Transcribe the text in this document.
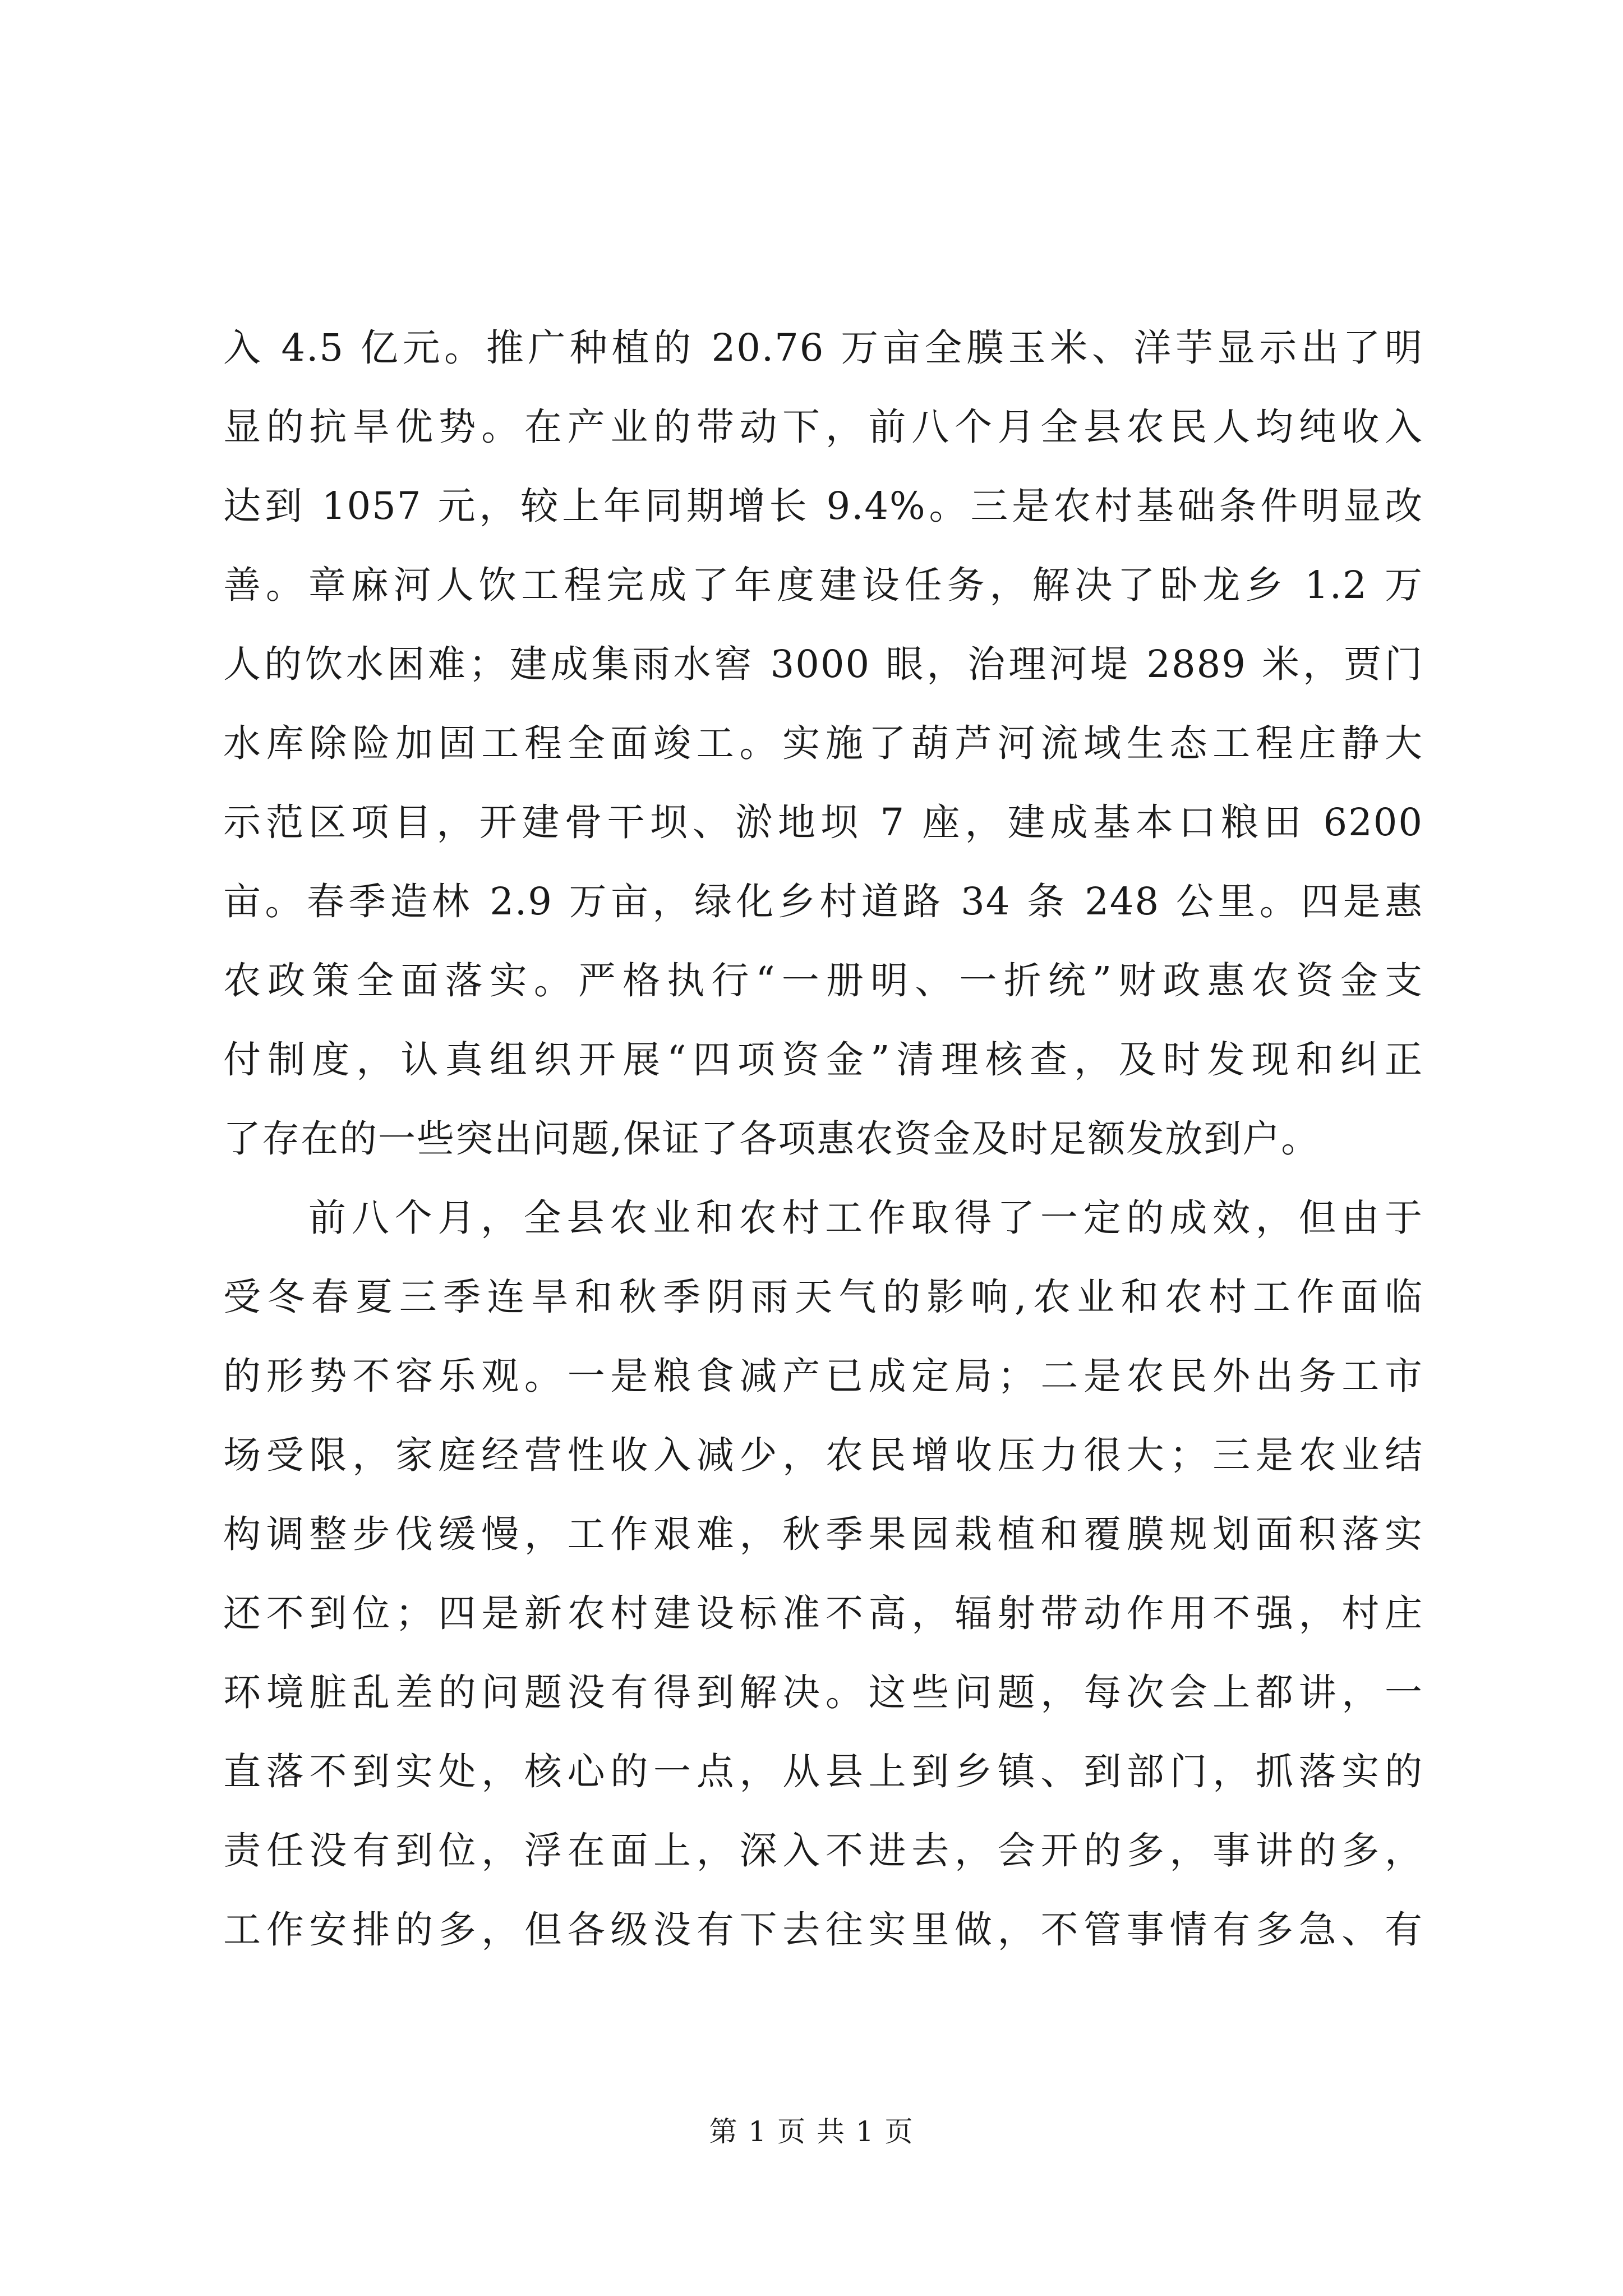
入 4.5 亿元。推广种植的 20.76 万亩全膜玉米、洋芋显示出了明
显的抗旱优势。在产业的带动下，前八个月全县农民人均纯收入
达到 1057 元，较上年同期增长 9.4%。三是农村基础条件明显改
善。章麻河人饮工程完成了年度建设任务，解决了卧龙乡 1.2 万
人的饮水困难；建成集雨水窖 3000 眼，治理河堤 2889 米，贾门
水库除险加固工程全面竣工。实施了葫芦河流域生态工程庄静大
示范区项目，开建骨干坝、淤地坝 7 座，建成基本口粮田 6200
亩。春季造林 2.9 万亩，绿化乡村道路 34 条 248 公里。四是惠
农政策全面落实。严格执行“一册明、一折统”财政惠农资金支
付制度，认真组织开展“四项资金”清理核查，及时发现和纠正
了存在的一些突出问题,保证了各项惠农资金及时足额发放到户。
前八个月，全县农业和农村工作取得了一定的成效，但由于
受冬春夏三季连旱和秋季阴雨天气的影响,农业和农村工作面临
的形势不容乐观。一是粮食减产已成定局；二是农民外出务工市
场受限，家庭经营性收入减少，农民增收压力很大；三是农业结
构调整步伐缓慢，工作艰难，秋季果园栽植和覆膜规划面积落实
还不到位；四是新农村建设标准不高，辐射带动作用不强，村庄
环境脏乱差的问题没有得到解决。这些问题，每次会上都讲，一
直落不到实处，核心的一点，从县上到乡镇、到部门，抓落实的
责任没有到位，浮在面上，深入不进去，会开的多，事讲的多，
工作安排的多，但各级没有下去往实里做，不管事情有多急、有
第 1 页 共 1 页
